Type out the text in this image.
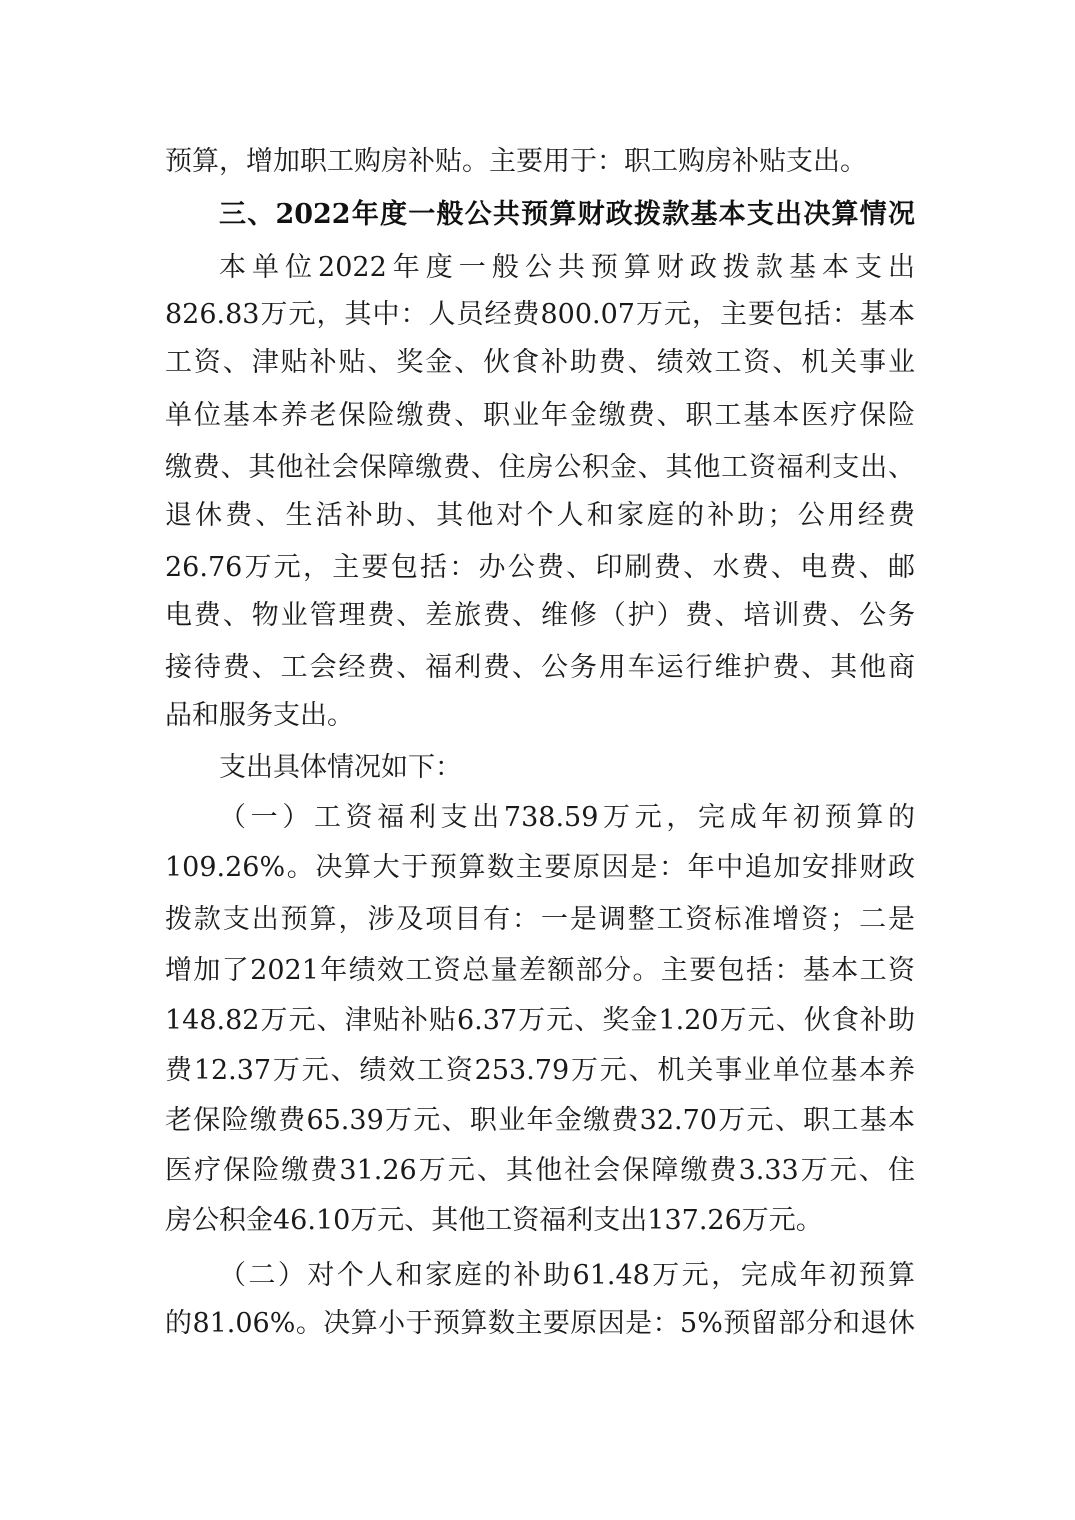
预算，增加职工购房补贴。主要用于：职工购房补贴支出。
三、2022年度一般公共预算财政拨款基本支出决算情况
本单位2022年度一般公共预算财政拨款基本支出
826.83万元，其中：人员经费800.07万元，主要包括：基本
工资、津贴补贴、奖金、伙食补助费、绩效工资、机关事业
单位基本养老保险缴费、职业年金缴费、职工基本医疗保险
缴费、其他社会保障缴费、住房公积金、其他工资福利支出、
退休费、生活补助、其他对个人和家庭的补助；公用经费
26.76万元，主要包括：办公费、印刷费、水费、电费、邮
电费、物业管理费、差旅费、维修（护）费、培训费、公务
接待费、工会经费、福利费、公务用车运行维护费、其他商
品和服务支出。
支出具体情况如下：
（一）工资福利支出738.59万元，完成年初预算的
109.26%。决算大于预算数主要原因是：年中追加安排财政
拨款支出预算，涉及项目有：一是调整工资标准增资；二是
增加了2021年绩效工资总量差额部分。主要包括：基本工资
148.82万元、津贴补贴6.37万元、奖金1.20万元、伙食补助
费12.37万元、绩效工资253.79万元、机关事业单位基本养
老保险缴费65.39万元、职业年金缴费32.70万元、职工基本
医疗保险缴费31.26万元、其他社会保障缴费3.33万元、住
房公积金46.10万元、其他工资福利支出137.26万元。
（二）对个人和家庭的补助61.48万元，完成年初预算
的81.06%。决算小于预算数主要原因是：5%预留部分和退休
